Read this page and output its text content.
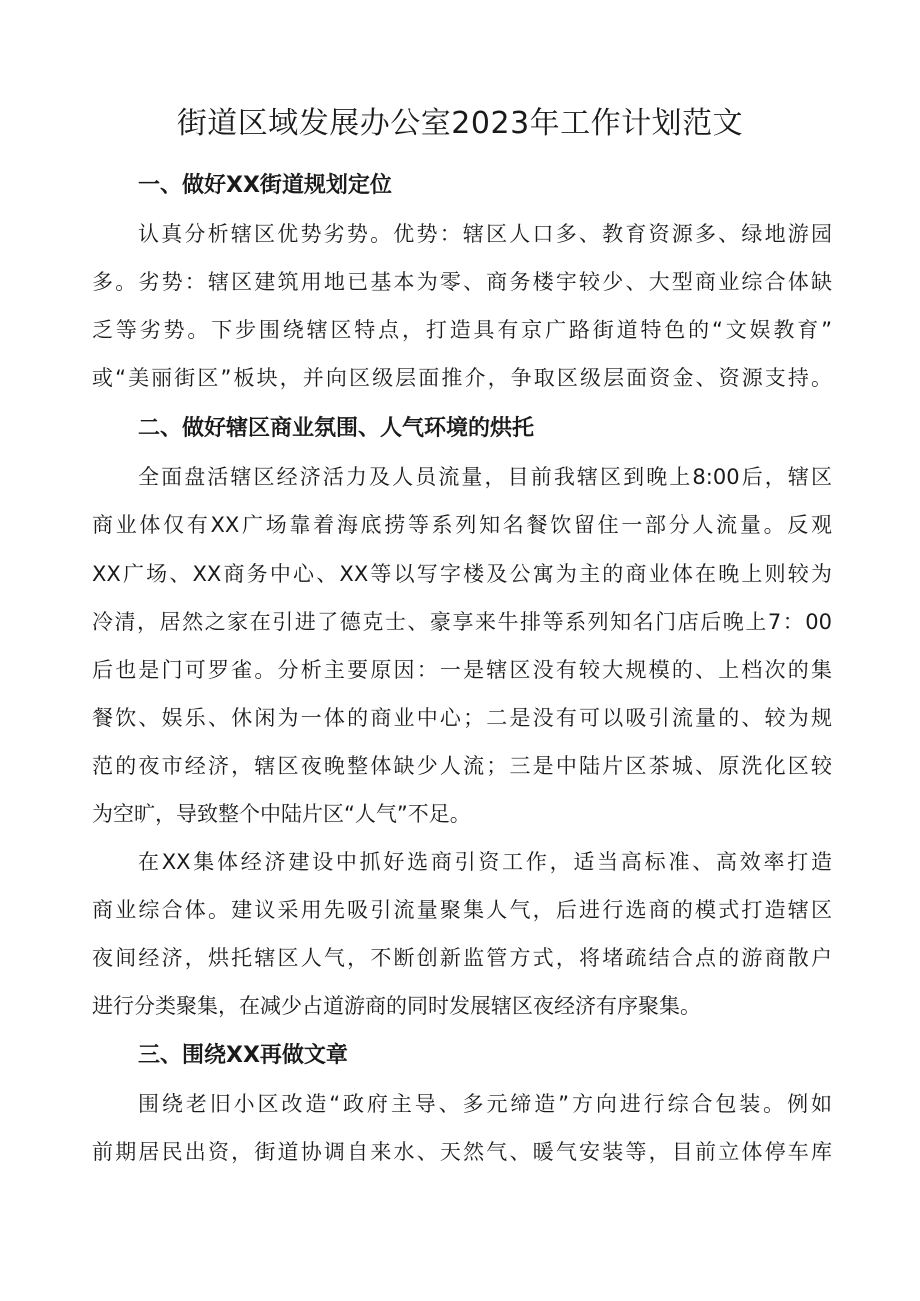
街道区域发展办公室2023年工作计划范文
一、做好XX街道规划定位
认真分析辖区优势劣势。优势：辖区人口多、教育资源多、绿地游园
多。劣势：辖区建筑用地已基本为零、商务楼宇较少、大型商业综合体缺
乏等劣势。下步围绕辖区特点，打造具有京广路街道特色的“文娱教育”
或“美丽街区”板块，并向区级层面推介，争取区级层面资金、资源支持。
二、做好辖区商业氛围、人气环境的烘托
全面盘活辖区经济活力及人员流量，目前我辖区到晚上8:00后，辖区
商业体仅有XX广场靠着海底捞等系列知名餐饮留住一部分人流量。反观
XX广场、XX商务中心、XX等以写字楼及公寓为主的商业体在晚上则较为
冷清，居然之家在引进了德克士、豪享来牛排等系列知名门店后晚上7：00
后也是门可罗雀。分析主要原因：一是辖区没有较大规模的、上档次的集
餐饮、娱乐、休闲为一体的商业中心；二是没有可以吸引流量的、较为规
范的夜市经济，辖区夜晚整体缺少人流；三是中陆片区茶城、原洗化区较
为空旷，导致整个中陆片区“人气”不足。
在XX集体经济建设中抓好选商引资工作，适当高标准、高效率打造
商业综合体。建议采用先吸引流量聚集人气，后进行选商的模式打造辖区
夜间经济，烘托辖区人气，不断创新监管方式，将堵疏结合点的游商散户
进行分类聚集，在减少占道游商的同时发展辖区夜经济有序聚集。
三、围绕XX再做文章
围绕老旧小区改造“政府主导、多元缔造”方向进行综合包装。例如
前期居民出资，街道协调自来水、天然气、暖气安装等，目前立体停车库
